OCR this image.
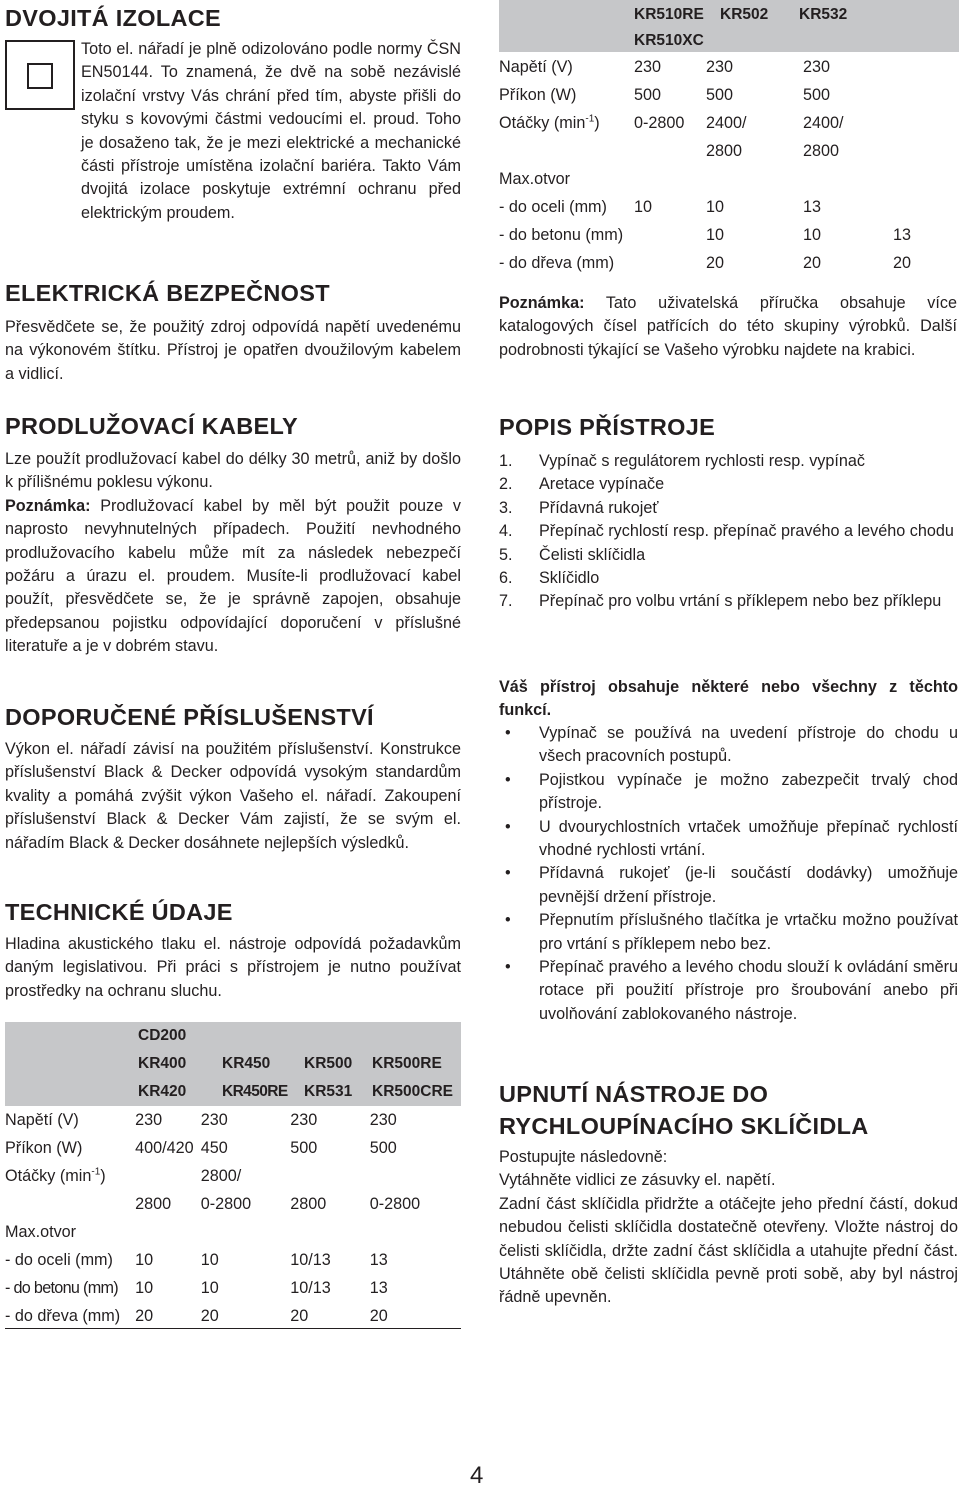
DVOJITÁ IZOLACE

Toto el. nářadí je plně odizolováno podle normy ČSN EN50144. To znamená, že dvě na sobě nezávislé izolační vrstvy Vás chrání před tím, abyste přišli do styku s kovovými částmi vedoucími el. proud. Toho je dosaženo tak, že je mezi elektrické a mechanické části přístroje umístěna izolační bariéra. Takto Vám dvojitá izolace poskytuje extrémní ochranu před elektrickým proudem.

ELEKTRICKÁ BEZPEČNOST

Přesvědčete se, že použitý zdroj odpovídá napětí uvedenému na výkonovém štítku. Přístroj je opatřen dvoužilovým kabelem a vidlicí.

PRODLUŽOVACÍ KABELY

Lze použít prodlužovací kabel do délky 30 metrů, aniž by došlo k přílišnému poklesu výkonu.

Poznámka: Prodlužovací kabel by měl být použit pouze v naprosto nevyhnutelných případech. Použití nevhodného prodlužovacího kabelu může mít za následek nebezpečí požáru a úrazu el. proudem. Musíte-li prodlužovací kabel použít, přesvědčete se, že je správně zapojen, obsahuje předepsanou pojistku odpovídající doporučení v příslušné literatuře a je v dobrém stavu.

DOPORUČENÉ PŘÍSLUŠENSTVÍ

Výkon el. nářadí závisí na použitém příslušenství. Konstrukce příslušenství Black & Decker odpovídá vysokým standardům kvality a pomáhá zvýšit výkon Vašeho el. nářadí. Zakoupení příslušenství Black & Decker Vám zajistí, že se svým el. nářadím Black & Decker dosáhnete nejlepších výsledků.

TECHNICKÉ ÚDAJE

Hladina akustického tlaku el. nástroje odpovídá požadavkům daným legislativou. Při práci s přístrojem je nutno používat prostředky na ochranu sluchu.

	CD200			
	KR400	KR450	KR500	KR500RE
	KR420	KR450RE	KR531	KR500CRE
Napětí (V)	230	230	230	230
Příkon (W)	400/420	450	500	500
Otáčky $(\min^{-1})$		2800/		
	2800	0-2800	2800	0-2800
Max.otvor				
- do oceli (mm)	10	10	10/13	13
- do betonu (mm)	10	10	10/13	13
- do dřeva (mm)	20	20	20	20
KR510RE KR502 KR532
KR510XC
Napětí (V)	230	230	230	
Příkon (W)	500	500	500	
Otáčky $(\min^{-1})$	0-2800	2400/	2400/	
		2800	2800	
Max.otvor				
- do oceli (mm)	10	10	13	
- do betonu (mm)		10	10	13
- do dřeva (mm)		20	20	20

Poznámka: Tato uživatelská příručka obsahuje více katalogových čísel patřících do této skupiny výrobků. Další podrobnosti týkající se Vašeho výrobku najdete na krabici.

POPIS PŘÍSTROJE
1. Vypínač s regulátorem rychlosti resp. vypínač
2. Aretace vypínače
3. Přídavná rukojeť
4. Přepínač rychlostí resp. přepínač pravého a levého chodu
5. Čelisti sklíčidla
6. Sklíčidlo
7. Přepínač pro volbu vrtání s příklepem nebo bez příklepu

Váš přístroj obsahuje některé nebo všechny z těchto funkcí.

• Vypínač se používá na uvedení přístroje do chodu u všech pracovních postupů.
• Pojistkou vypínače je možno zabezpečit trvalý chod přístroje.
• U dvourychlostních vrtaček umožňuje přepínač rychlostí vhodné rychlosti vrtání.
• Přídavná rukojeť (je-li součástí dodávky) umožňuje pevnější držení přístroje.
• Přepnutím příslušného tlačítka je vrtačku možno používat pro vrtání s příklepem nebo bez.
• Přepínač pravého a levého chodu slouží k ovládání směru rotace při použití přístroje pro šroubování anebo při uvolňování zablokovaného nástroje.
UPNUTÍ NÁSTROJE DO
RYCHLOUPÍNACÍHO SKLÍČIDLA

Postupujte následovně:

Vytáhněte vidlici ze zásuvky el. napětí.

Zadní část sklíčidla přidržte a otáčejte jeho přední částí, dokud nebudou čelisti sklíčidla dostatečně otevřeny. Vložte nástroj do čelisti sklíčidla, držte zadní část sklíčidla a utahujte přední část. Utáhněte obě čelisti sklíčidla pevně proti sobě, aby byl nástroj řádně upevněn.

4
